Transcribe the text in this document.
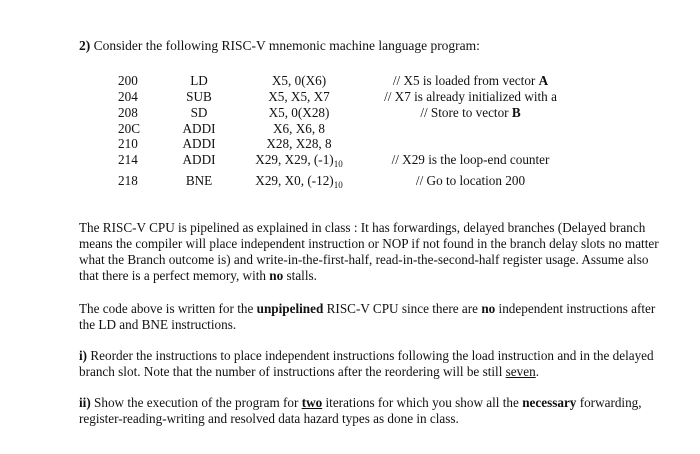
2) Consider the following RISC-V mnemonic machine language program:
200	LD	X5, 0(X6)	// X5 is loaded from vector A
204	SUB	X5, X5, X7	// X7 is already initialized with a
208	SD	X5, 0(X28)	// Store to vector B
20C	ADDI	X6, X6, 8
210	ADDI	X28, X28, 8
214	ADDI	X29, X29, $(-1)_{10}$	// X29 is the loop-end counter
218	BNE	X29, X0, $(-12)_{10}$	// Go to location 200
The RISC-V CPU is pipelined as explained in class : It has forwardings, delayed branches (Delayed branch means the compiler will place independent instruction or NOP if not found in the branch delay slots no matter what the Branch outcome is) and write-in-the-first-half, read-in-the-second-half register usage. Assume also that there is a perfect memory, with no stalls.
The code above is written for the unpipelined RISC-V CPU since there are no independent instructions after the LD and BNE instructions.
i) Reorder the instructions to place independent instructions following the load instruction and in the delayed branch slot. Note that the number of instructions after the reordering will be still seven.
ii) Show the execution of the program for two iterations for which you show all the necessary forwarding, register-reading-writing and resolved data hazard types as done in class.
